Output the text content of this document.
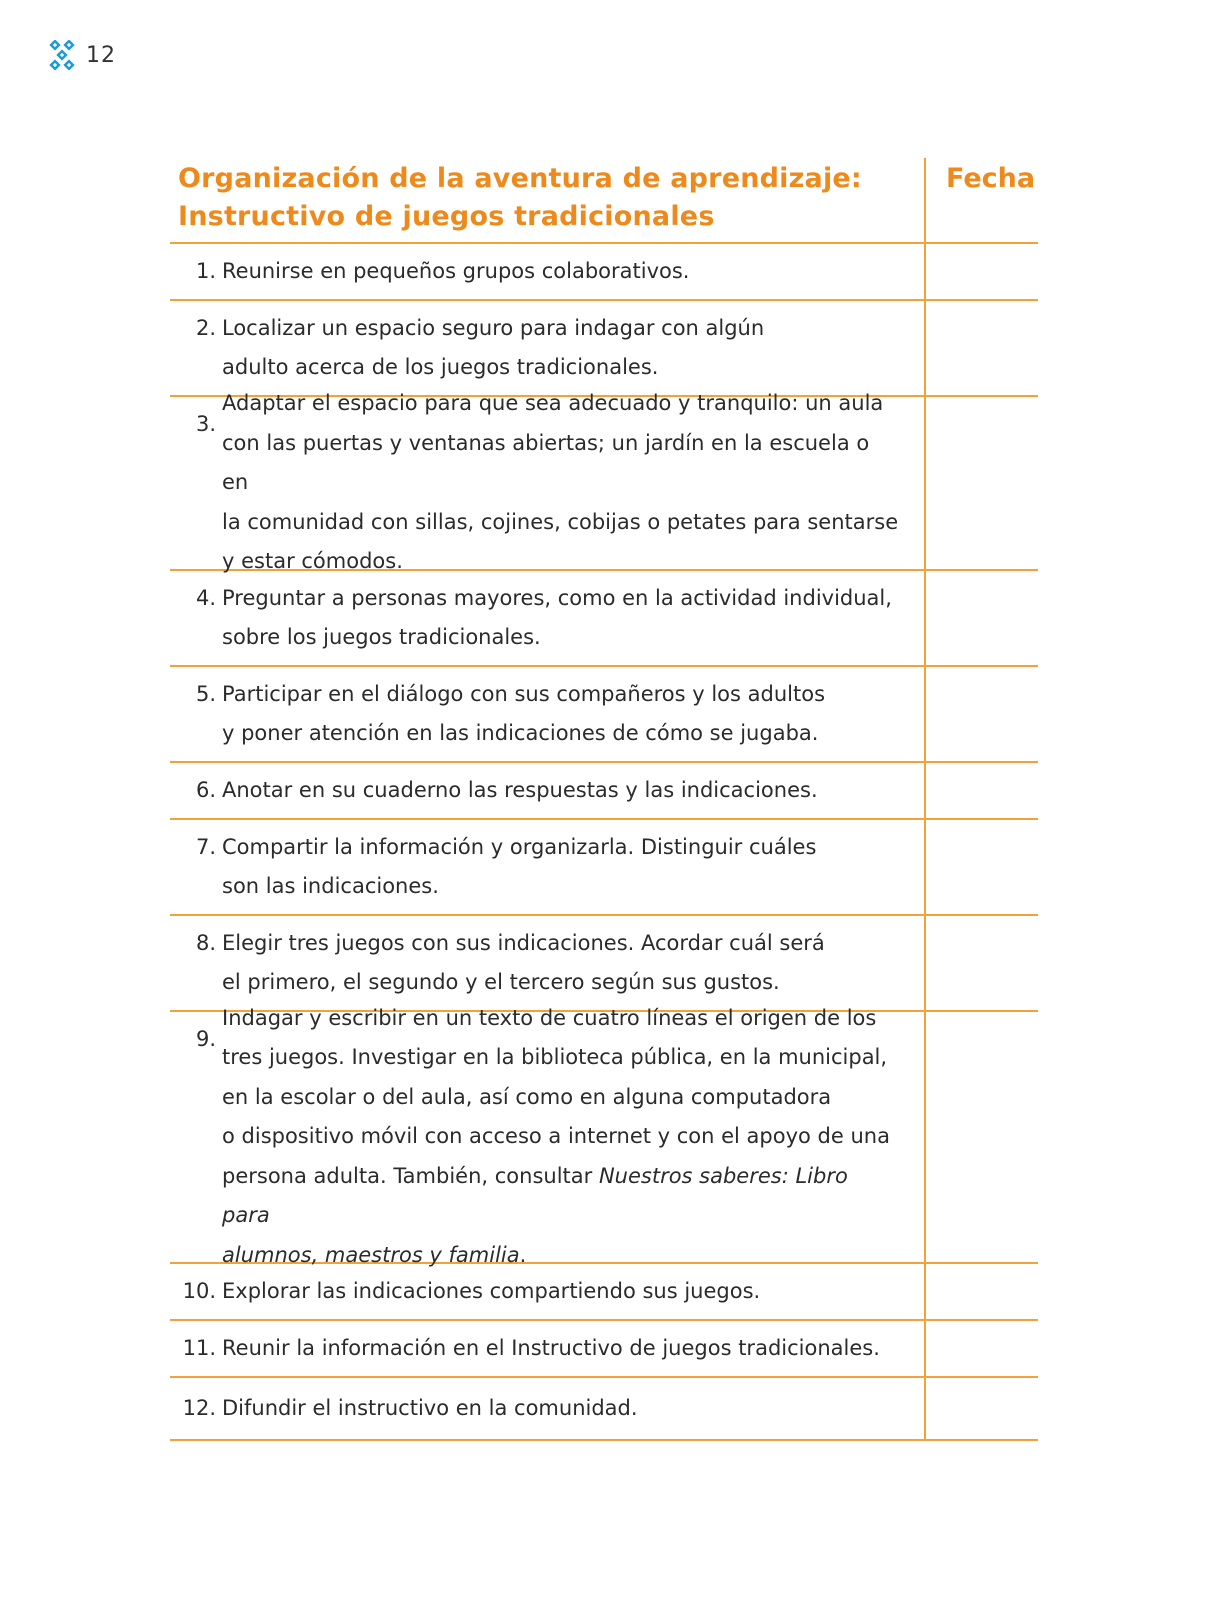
12
Organización de la aventura de aprendizaje:
Instructivo de juegos tradicionales
Fecha
1. Reunirse en pequeños grupos colaborativos.
2. Localizar un espacio seguro para indagar con algún
adulto acerca de los juegos tradicionales.
3.
Adaptar el espacio para que sea adecuado y tranquilo: un aula
con las puertas y ventanas abiertas; un jardín en la escuela o en
la comunidad con sillas, cojines, cobijas o petates para sentarse
y estar cómodos.
4. Preguntar a personas mayores, como en la actividad individual,
sobre los juegos tradicionales.
5. Participar en el diálogo con sus compañeros y los adultos
y poner atención en las indicaciones de cómo se jugaba.
6. Anotar en su cuaderno las respuestas y las indicaciones.
7. Compartir la información y organizarla. Distinguir cuáles
son las indicaciones.
8. Elegir tres juegos con sus indicaciones. Acordar cuál será
el primero, el segundo y el tercero según sus gustos.
9.
Indagar y escribir en un texto de cuatro líneas el origen de los
tres juegos. Investigar en la biblioteca pública, en la municipal,
en la escolar o del aula, así como en alguna computadora
o dispositivo móvil con acceso a internet y con el apoyo de una
persona adulta. También, consultar Nuestros saberes: Libro para
alumnos, maestros y familia.
10. Explorar las indicaciones compartiendo sus juegos.
11. Reunir la información en el Instructivo de juegos tradicionales.
12. Difundir el instructivo en la comunidad.
